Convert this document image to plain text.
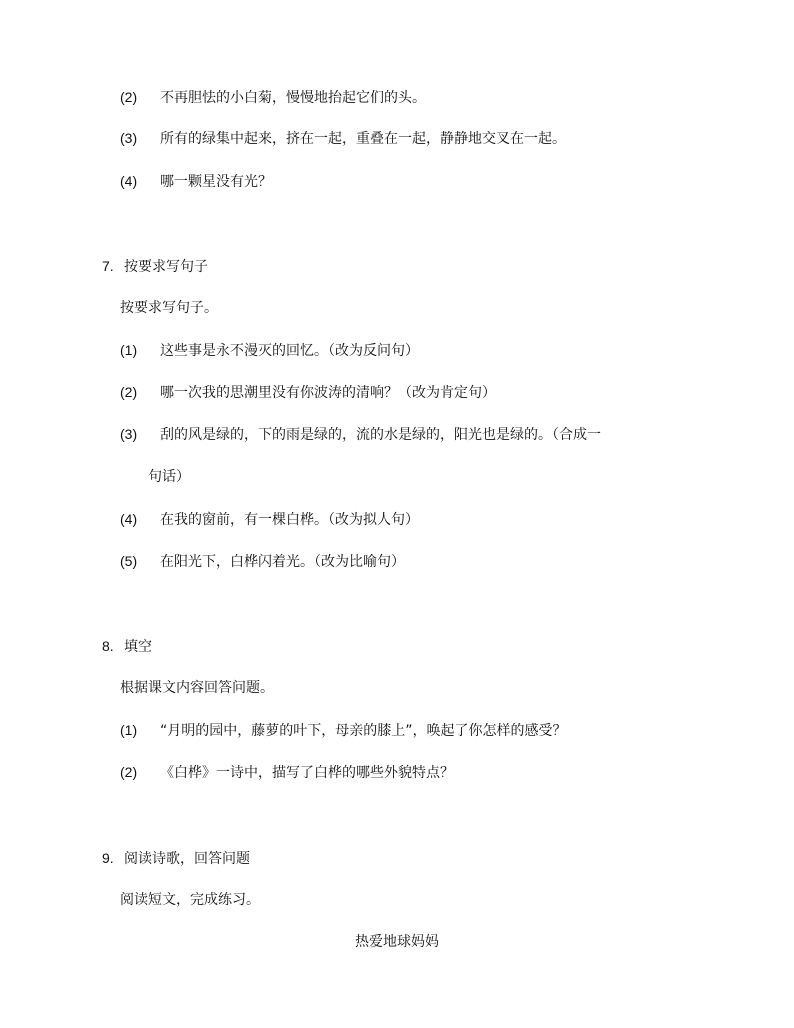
(2) 不再胆怯的小白菊，慢慢地抬起它们的头。
(3) 所有的绿集中起来，挤在一起，重叠在一起，静静地交叉在一起。
(4) 哪一颗星没有光？
7. 按要求写句子
按要求写句子。
(1) 这些事是永不漫灭的回忆。（改为反问句）
(2) 哪一次我的思潮里没有你波涛的清响？（改为肯定句）
(3) 刮的风是绿的，下的雨是绿的，流的水是绿的，阳光也是绿的。（合成一
句话）
(4) 在我的窗前，有一棵白桦。（改为拟人句）
(5) 在阳光下，白桦闪着光。（改为比喻句）
8. 填空
根据课文内容回答问题。
(1) “月明的园中，藤萝的叶下，母亲的膝上”，唤起了你怎样的感受？
(2) 《白桦》一诗中，描写了白桦的哪些外貌特点？
9. 阅读诗歌，回答问题
阅读短文，完成练习。
热爱地球妈妈
